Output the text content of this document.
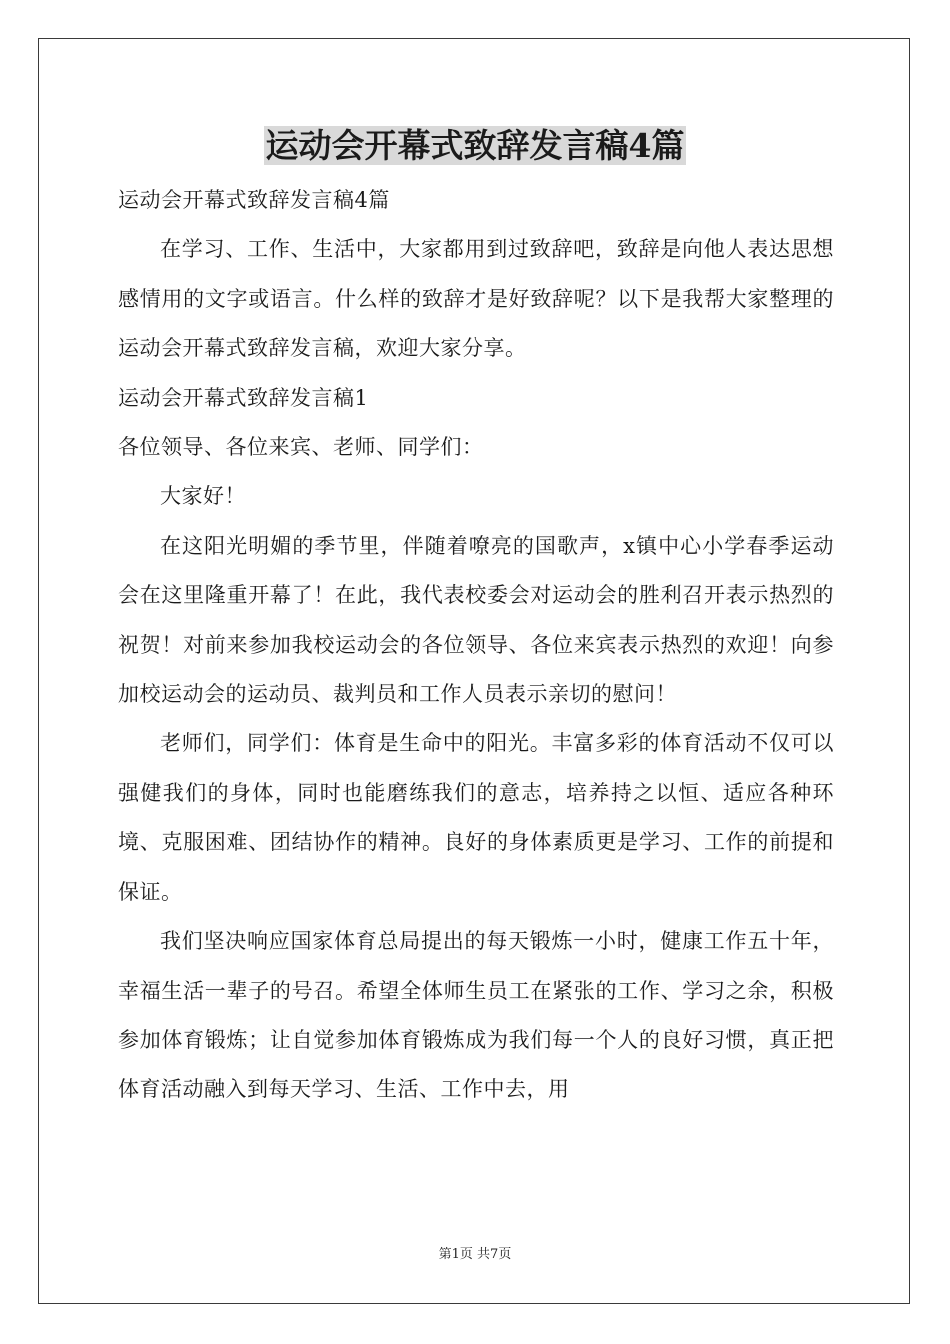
运动会开幕式致辞发言稿4篇

运动会开幕式致辞发言稿4篇

在学习、工作、生活中，大家都用到过致辞吧，致辞是向他人表达思想感情用的文字或语言。什么样的致辞才是好致辞呢？以下是我帮大家整理的运动会开幕式致辞发言稿，欢迎大家分享。

运动会开幕式致辞发言稿1

各位领导、各位来宾、老师、同学们：

大家好！

在这阳光明媚的季节里，伴随着嘹亮的国歌声，x镇中心小学春季运动会在这里隆重开幕了！在此，我代表校委会对运动会的胜利召开表示热烈的祝贺！对前来参加我校运动会的各位领导、各位来宾表示热烈的欢迎！向参加校运动会的运动员、裁判员和工作人员表示亲切的慰问！

老师们，同学们：体育是生命中的阳光。丰富多彩的体育活动不仅可以强健我们的身体，同时也能磨练我们的意志，培养持之以恒、适应各种环境、克服困难、团结协作的精神。良好的身体素质更是学习、工作的前提和保证。

我们坚决响应国家体育总局提出的每天锻炼一小时，健康工作五十年，幸福生活一辈子的号召。希望全体师生员工在紧张的工作、学习之余，积极参加体育锻炼；让自觉参加体育锻炼成为我们每一个人的良好习惯，真正把体育活动融入到每天学习、生活、工作中去，用

第1页 共7页
